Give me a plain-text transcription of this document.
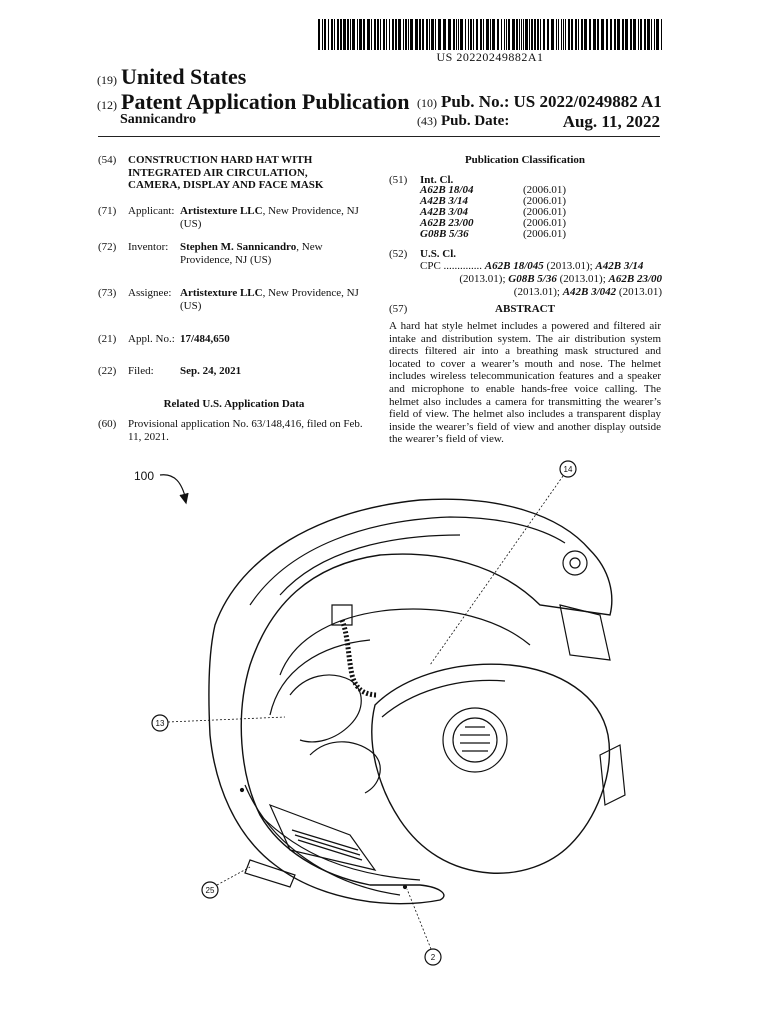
US 20220249882A1
(19) United States
(12) Patent Application Publication
Sannicandro
(10) Pub. No.: US 2022/0249882 A1
(43) Pub. Date:	Aug. 11, 2022
(54) CONSTRUCTION HARD HAT WITH
INTEGRATED AIR CIRCULATION,
CAMERA, DISPLAY AND FACE MASK
(71) Applicant: Artistexture LLC, New Providence, NJ
(US)
(72) Inventor: Stephen M. Sannicandro, New
Providence, NJ (US)
(73) Assignee: Artistexture LLC, New Providence, NJ
(US)
(21) Appl. No.: 17/484,650
(22) Filed: Sep. 24, 2021
Related U.S. Application Data
(60) Provisional application No. 63/148,416, filed on Feb.
11, 2021.
Publication Classification
(51) Int. Cl.
A62B 18/04	(2006.01)
A42B 3/14	(2006.01)
A42B 3/04	(2006.01)
A62B 23/00	(2006.01)
G08B 5/36	(2006.01)
(52) U.S. Cl.
CPC .............. A62B 18/045 (2013.01); A42B 3/14
(2013.01); G08B 5/36 (2013.01); A62B 23/00
(2013.01); A42B 3/042 (2013.01)
(57)	ABSTRACT
A hard hat style helmet includes a powered and filtered air intake and distribution system. The air distribution system directs filtered air into a breathing mask structured and located to cover a wearer’s mouth and nose. The helmet includes wireless telecommunication features and a speaker and microphone to enable hands-free voice calling. The helmet also includes a camera for transmitting the wearer’s field of view. The helmet also includes a transparent display inside the wearer’s field of view and another display outside the wearer’s field of view.
100	14
13
25
2
